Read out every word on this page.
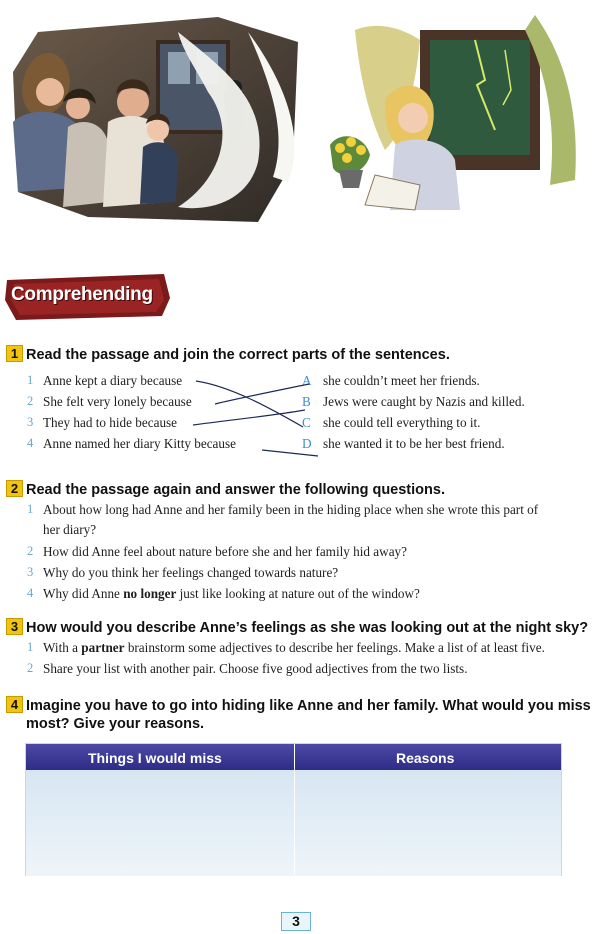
Comprehending
1 Read the passage and join the correct parts of the sentences.
1 Anne kept a diary because
2 She felt very lonely because
3 They had to hide because
4 Anne named her diary Kitty because
A she couldn’t meet her friends.
B Jews were caught by Nazis and killed.
C she could tell everything to it.
D she wanted it to be her best friend.
2 Read the passage again and answer the following questions.
1 About how long had Anne and her family been in the hiding place when she wrote this part of
her diary?
2 How did Anne feel about nature before she and her family hid away?
3 Why do you think her feelings changed towards nature?
4 Why did Anne no longer just like looking at nature out of the window?
3 How would you describe Anne’s feelings as she was looking out at the night sky?
1 With a partner brainstorm some adjectives to describe her feelings. Make a list of at least five.
2 Share your list with another pair. Choose five good adjectives from the two lists.
4 Imagine you have to go into hiding like Anne and her family. What would you miss
most? Give your reasons.
Things I would miss	Reasons
3
